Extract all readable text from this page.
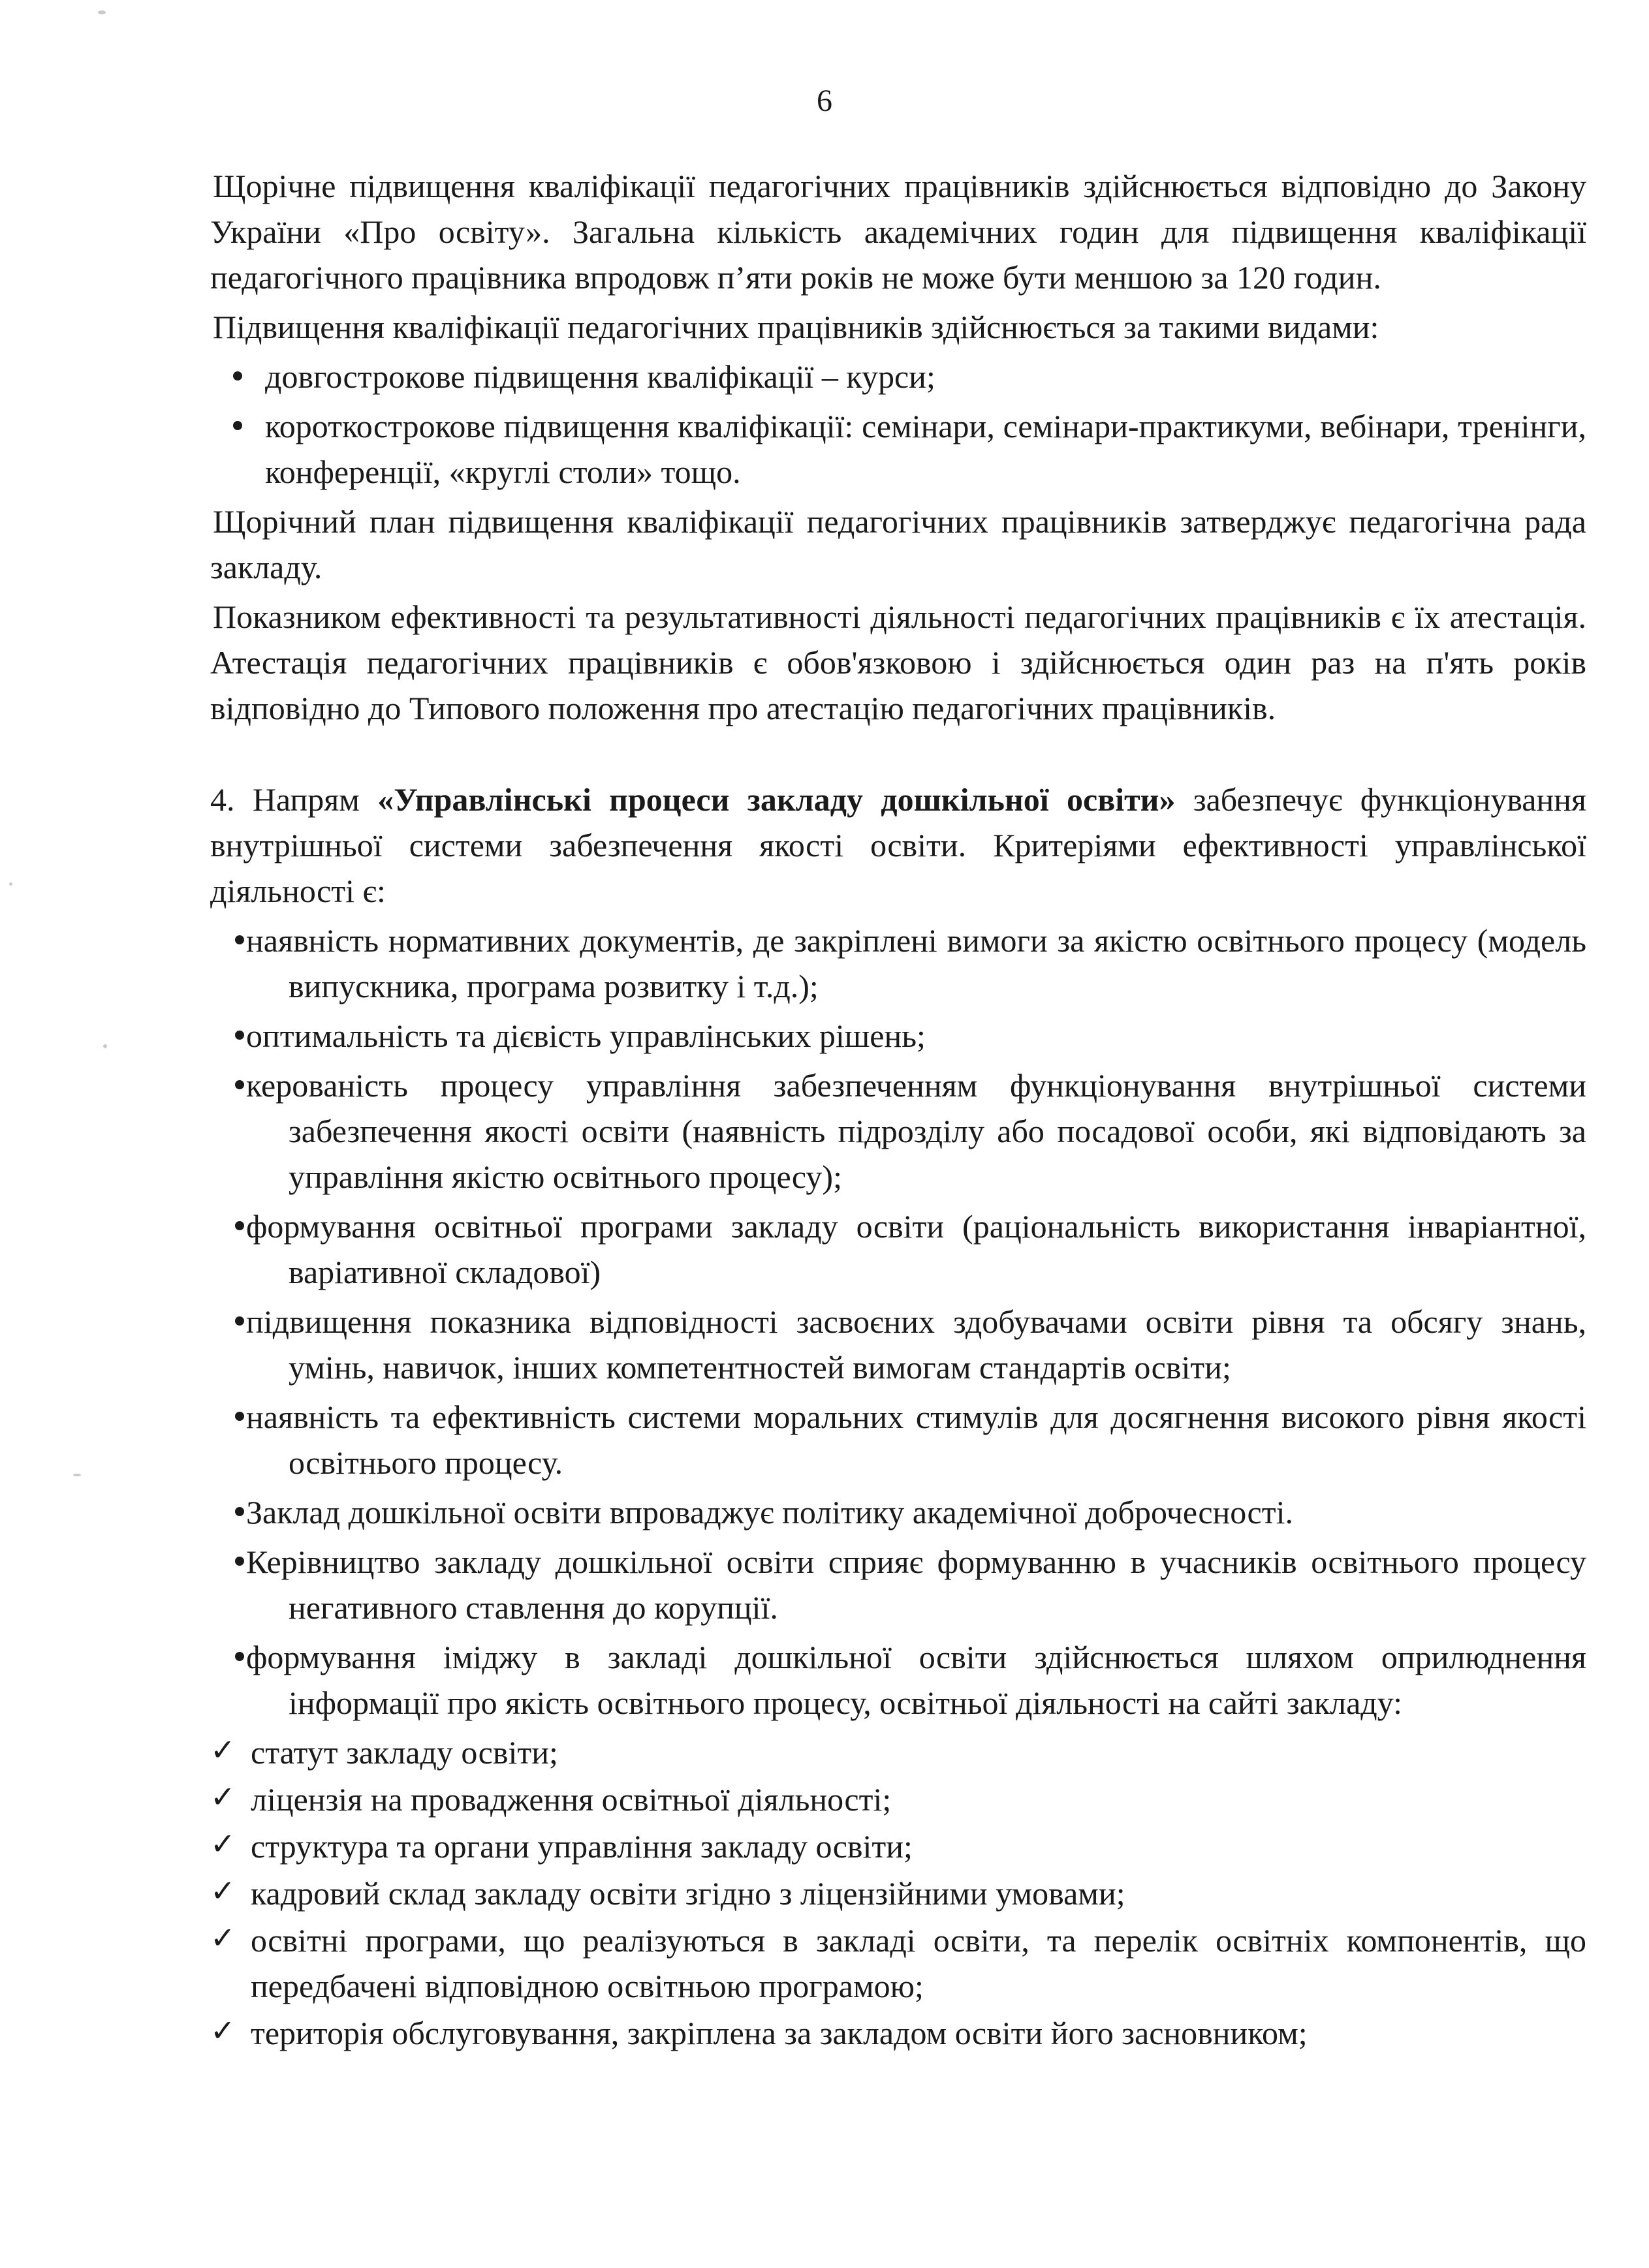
6

Щорічне підвищення кваліфікації педагогічних працівників здійснюється відповідно до Закону України «Про освіту». Загальна кількість академічних годин для підвищення кваліфікації педагогічного працівника впродовж п’яти років не може бути меншою за 120 годин.

Підвищення кваліфікації педагогічних працівників здійснюється за такими видами:

довгострокове підвищення кваліфікації – курси;
короткострокове підвищення кваліфікації: семінари, семінари-практикуми, вебінари, тренінги, конференції, «круглі столи» тощо.

Щорічний план підвищення кваліфікації педагогічних працівників затверджує педагогічна рада закладу.

Показником ефективності та результативності діяльності педагогічних працівників є їх атестація. Атестація педагогічних працівників є обов'язковою і здійснюється один раз на п'ять років відповідно до Типового положення про атестацію педагогічних працівників.

4. Напрям «Управлінські процеси закладу дошкільної освіти» забезпечує функціонування внутрішньої системи забезпечення якості освіти. Критеріями ефективності управлінської діяльності є:

наявність нормативних документів, де закріплені вимоги за якістю освітнього процесу (модель випускника, програма розвитку і т.д.);
оптимальність та дієвість управлінських рішень;
керованість процесу управління забезпеченням функціонування внутрішньої системи забезпечення якості освіти (наявність підрозділу або посадової особи, які відповідають за управління якістю освітнього процесу);
формування освітньої програми закладу освіти (раціональність використання інваріантної, варіативної складової)
підвищення показника відповідності засвоєних здобувачами освіти рівня та обсягу знань, умінь, навичок, інших компетентностей вимогам стандартів освіти;
наявність та ефективність системи моральних стимулів для досягнення високого рівня якості освітнього процесу.
Заклад дошкільної освіти впроваджує політику академічної доброчесності.
Керівництво закладу дошкільної освіти сприяє формуванню в учасників освітнього процесу негативного ставлення до корупції.
формування іміджу в закладі дошкільної освіти здійснюється шляхом оприлюднення інформації про якість освітнього процесу, освітньої діяльності на сайті закладу:
✓ статут закладу освіти;
✓ ліцензія на провадження освітньої діяльності;
✓ структура та органи управління закладу освіти;
✓ кадровий склад закладу освіти згідно з ліцензійними умовами;
✓ освітні програми, що реалізуються в закладі освіти, та перелік освітніх компонентів, що передбачені відповідною освітньою програмою;
✓ територія обслуговування, закріплена за закладом освіти його засновником;
